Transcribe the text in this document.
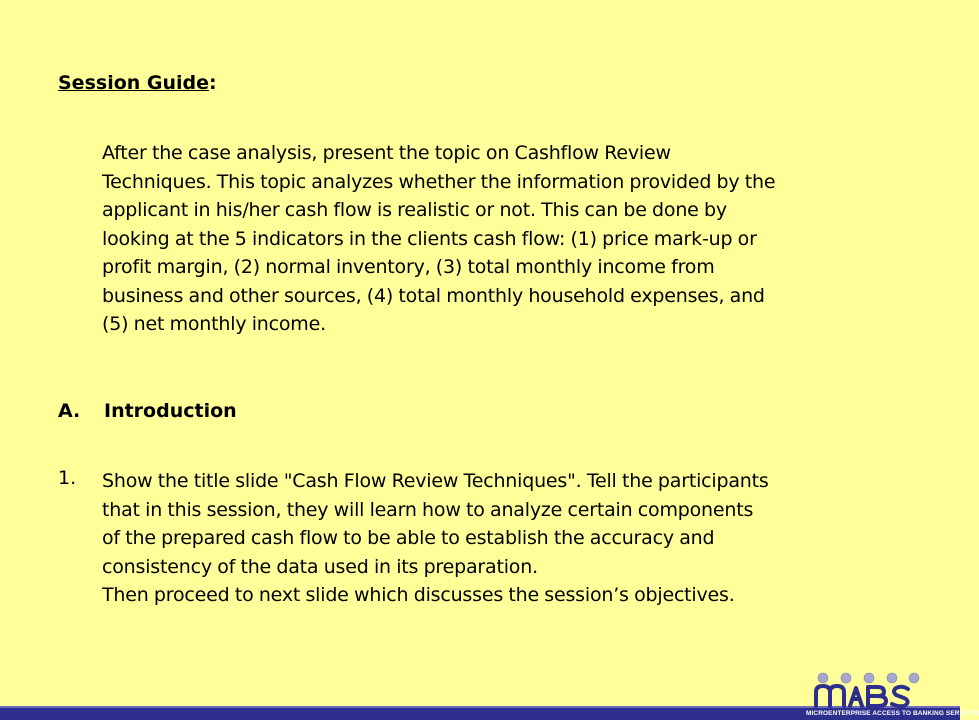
Session Guide:
After the case analysis, present the topic on Cashflow Review
Techniques. This topic analyzes whether the information provided by the
applicant in his/her cash flow is realistic or not. This can be done by
looking at the 5 indicators in the clients cash flow: (1) price mark-up or
profit margin, (2) normal inventory, (3) total monthly income from
business and other sources, (4) total monthly household expenses, and
(5) net monthly income.
A. Introduction
1. Show the title slide "Cash Flow Review Techniques". Tell the participants
that in this session, they will learn how to analyze certain components
of the prepared cash flow to be able to establish the accuracy and
consistency of the data used in its preparation.
Then proceed to next slide which discusses the session’s objectives.
MICROENTERPRISE ACCESS TO BANKING SERVICES
